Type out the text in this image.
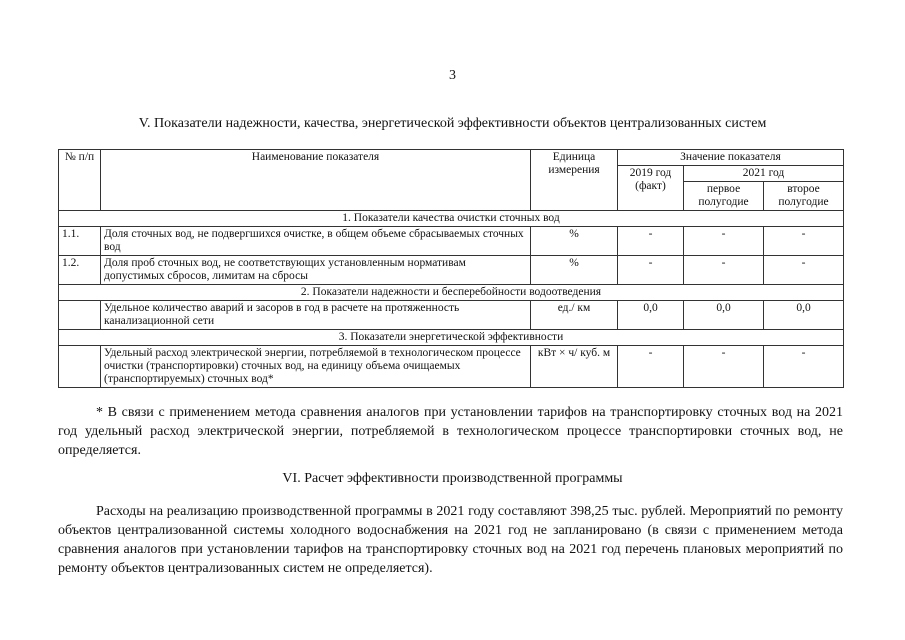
3
V. Показатели надежности, качества, энергетической эффективности объектов централизованных систем
№ п/п	Наименование показателя	Единица измерения	Значение показателя		
			2019 год (факт)	2021 год	
				первое полугодие	второе полугодие
1. Показатели качества очистки сточных вод					
1.1.	Доля сточных вод, не подвергшихся очистке, в общем объеме сбрасываемых сточных вод	%	-	-	-
1.2.	Доля проб сточных вод, не соответствующих установленным нормативам допустимых сбросов, лимитам на сбросы	%	-	-	-
2. Показатели надежности и бесперебойности водоотведения					
	Удельное количество аварий и засоров в год в расчете на протяженность канализационной сети	ед./ км	0,0	0,0	0,0
3. Показатели энергетической эффективности					
	Удельный расход электрической энергии, потребляемой в технологическом процессе очистки (транспортировки) сточных вод, на единицу объема очищаемых (транспортируемых) сточных вод*	кВт × ч/ куб. м	-	-	-

* В связи с применением метода сравнения аналогов при установлении тарифов на транспортировку сточных вод на 2021 год удельный расход электрической энергии, потребляемой в технологическом процессе транспортировки сточных вод, не определяется.

VI. Расчет эффективности производственной программы

Расходы на реализацию производственной программы в 2021 году составляют 398,25 тыс. рублей. Мероприятий по ремонту объектов централизованной системы холодного водоснабжения на 2021 год не запланировано (в связи с применением метода сравнения аналогов при установлении тарифов на транспортировку сточных вод на 2021 год перечень плановых мероприятий по ремонту объектов централизованных систем не определяется).
